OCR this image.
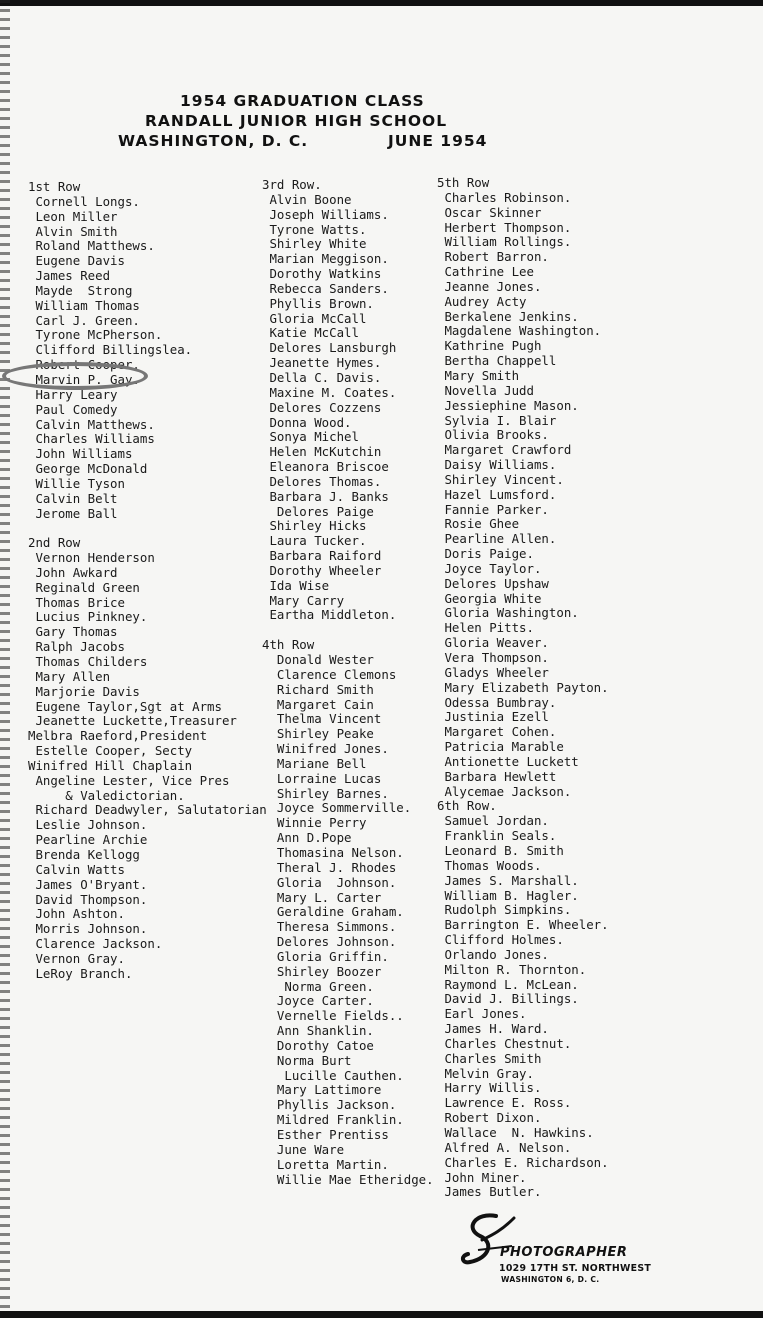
1954 GRADUATION CLASS
RANDALL JUNIOR HIGH SCHOOL
WASHINGTON, D. C.	JUNE 1954
1st Row
Cornell Longs.
Leon Miller
Alvin Smith
Roland Matthews.
Eugene Davis
James Reed
Mayde  Strong
William Thomas
Carl J. Green.
Tyrone McPherson.
Clifford Billingslea.
Robert Cooper.
Marvin P. Gay.
Harry Leary
Paul Comedy
Calvin Matthews.
Charles Williams
John Williams
George McDonald
Willie Tyson
Calvin Belt
Jerome Ball
2nd Row
Vernon Henderson
John Awkard
Reginald Green
Thomas Brice
Lucius Pinkney.
Gary Thomas
Ralph Jacobs
Thomas Childers
Mary Allen
Marjorie Davis
Eugene Taylor,Sgt at Arms
Jeanette Luckette,Treasurer
Melbra Raeford,President
Estelle Cooper, Secty
Winifred Hill Chaplain
Angeline Lester, Vice Pres
& Valedictorian.
Richard Deadwyler, Salutatorian
Leslie Johnson.
Pearline Archie
Brenda Kellogg
Calvin Watts
James O'Bryant.
David Thompson.
John Ashton.
Morris Johnson.
Clarence Jackson.
Vernon Gray.
LeRoy Branch.
3rd Row.
Alvin Boone
Joseph Williams.
Tyrone Watts.
Shirley White
Marian Meggison.
Dorothy Watkins
Rebecca Sanders.
Phyllis Brown.
Gloria McCall
Katie McCall
Delores Lansburgh
Jeanette Hymes.
Della C. Davis.
Maxine M. Coates.
Delores Cozzens
Donna Wood.
Sonya Michel
Helen McKutchin
Eleanora Briscoe
Delores Thomas.
Barbara J. Banks
Delores Paige
Shirley Hicks
Laura Tucker.
Barbara Raiford
Dorothy Wheeler
Ida Wise
Mary Carry
Eartha Middleton.
4th Row
Donald Wester
Clarence Clemons
Richard Smith
Margaret Cain
Thelma Vincent
Shirley Peake
Winifred Jones.
Mariane Bell
Lorraine Lucas
Shirley Barnes.
Joyce Sommerville.
Winnie Perry
Ann D.Pope
Thomasina Nelson.
Theral J. Rhodes
Gloria  Johnson.
Mary L. Carter
Geraldine Graham.
Theresa Simmons.
Delores Johnson.
Gloria Griffin.
Shirley Boozer
Norma Green.
Joyce Carter.
Vernelle Fields..
Ann Shanklin.
Dorothy Catoe
Norma Burt
Lucille Cauthen.
Mary Lattimore
Phyllis Jackson.
Mildred Franklin.
Esther Prentiss
June Ware
Loretta Martin.
Willie Mae Etheridge.
5th Row
Charles Robinson.
Oscar Skinner
Herbert Thompson.
William Rollings.
Robert Barron.
Cathrine Lee
Jeanne Jones.
Audrey Acty
Berkalene Jenkins.
Magdalene Washington.
Kathrine Pugh
Bertha Chappell
Mary Smith
Novella Judd
Jessiephine Mason.
Sylvia I. Blair
Olivia Brooks.
Margaret Crawford
Daisy Williams.
Shirley Vincent.
Hazel Lumsford.
Fannie Parker.
Rosie Ghee
Pearline Allen.
Doris Paige.
Joyce Taylor.
Delores Upshaw
Georgia White
Gloria Washington.
Helen Pitts.
Gloria Weaver.
Vera Thompson.
Gladys Wheeler
Mary Elizabeth Payton.
Odessa Bumbray.
Justinia Ezell
Margaret Cohen.
Patricia Marable
Antionette Luckett
Barbara Hewlett
Alycemae Jackson.
6th Row.
Samuel Jordan.
Franklin Seals.
Leonard B. Smith
Thomas Woods.
James S. Marshall.
William B. Hagler.
Rudolph Simpkins.
Barrington E. Wheeler.
Clifford Holmes.
Orlando Jones.
Milton R. Thornton.
Raymond L. McLean.
David J. Billings.
Earl Jones.
James H. Ward.
Charles Chestnut.
Charles Smith
Melvin Gray.
Harry Willis.
Lawrence E. Ross.
Robert Dixon.
Wallace  N. Hawkins.
Alfred A. Nelson.
Charles E. Richardson.
John Miner.
James Butler.
PHOTOGRAPHER
1029 17TH ST. NORTHWEST
WASHINGTON 6, D. C.
